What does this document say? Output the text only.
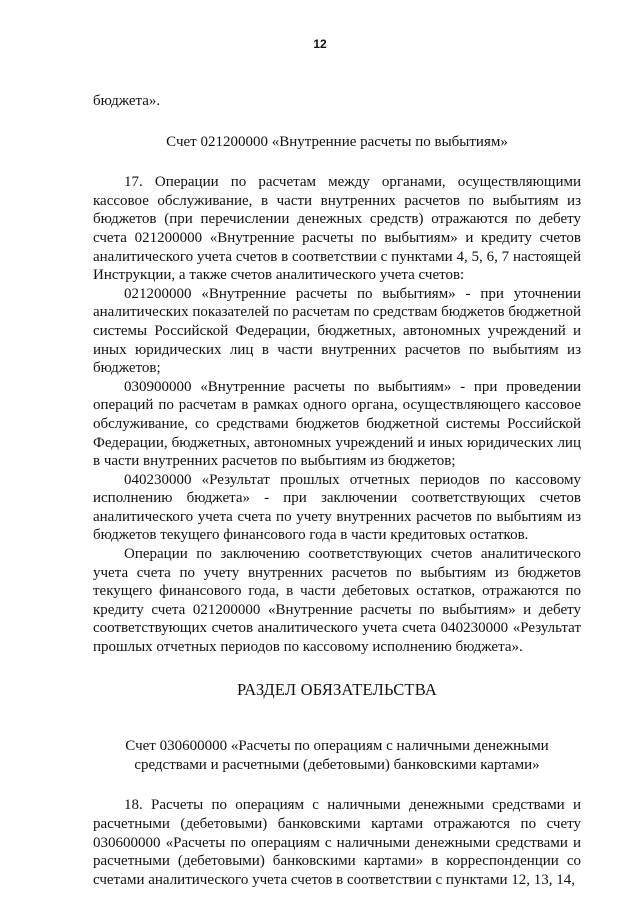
12

бюджета».

Счет 021200000 «Внутренние расчеты по выбытиям»

17. Операции по расчетам между органами, осуществляющими кассовое обслуживание, в части внутренних расчетов по выбытиям из бюджетов (при перечислении денежных средств) отражаются по дебету счета 021200000 «Внутренние расчеты по выбытиям» и кредиту счетов аналитического учета счетов в соответствии с пунктами 4, 5, 6, 7 настоящей Инструкции, а также счетов аналитического учета счетов:

021200000 «Внутренние расчеты по выбытиям» - при уточнении аналитических показателей по расчетам по средствам бюджетов бюджетной системы Российской Федерации, бюджетных, автономных учреждений и иных юридических лиц в части внутренних расчетов по выбытиям из бюджетов;

030900000 «Внутренние расчеты по выбытиям» - при проведении операций по расчетам в рамках одного органа, осуществляющего кассовое обслуживание, со средствами бюджетов бюджетной системы Российской Федерации, бюджетных, автономных учреждений и иных юридических лиц в части внутренних расчетов по выбытиям из бюджетов;

040230000 «Результат прошлых отчетных периодов по кассовому исполнению бюджета» - при заключении соответствующих счетов аналитического учета счета по учету внутренних расчетов по выбытиям из бюджетов текущего финансового года в части кредитовых остатков.

Операции по заключению соответствующих счетов аналитического учета счета по учету внутренних расчетов по выбытиям из бюджетов текущего финансового года, в части дебетовых остатков, отражаются по кредиту счета 021200000 «Внутренние расчеты по выбытиям» и дебету соответствующих счетов аналитического учета счета 040230000 «Результат прошлых отчетных периодов по кассовому исполнению бюджета».

РАЗДЕЛ ОБЯЗАТЕЛЬСТВА

Счет 030600000 «Расчеты по операциям с наличными денежными

средствами и расчетными (дебетовыми) банковскими картами»

18. Расчеты по операциям с наличными денежными средствами и расчетными (дебетовыми) банковскими картами отражаются по счету 030600000 «Расчеты по операциям с наличными денежными средствами и расчетными (дебетовыми) банковскими картами» в корреспонденции со счетами аналитического учета счетов в соответствии с пунктами 12, 13, 14,
